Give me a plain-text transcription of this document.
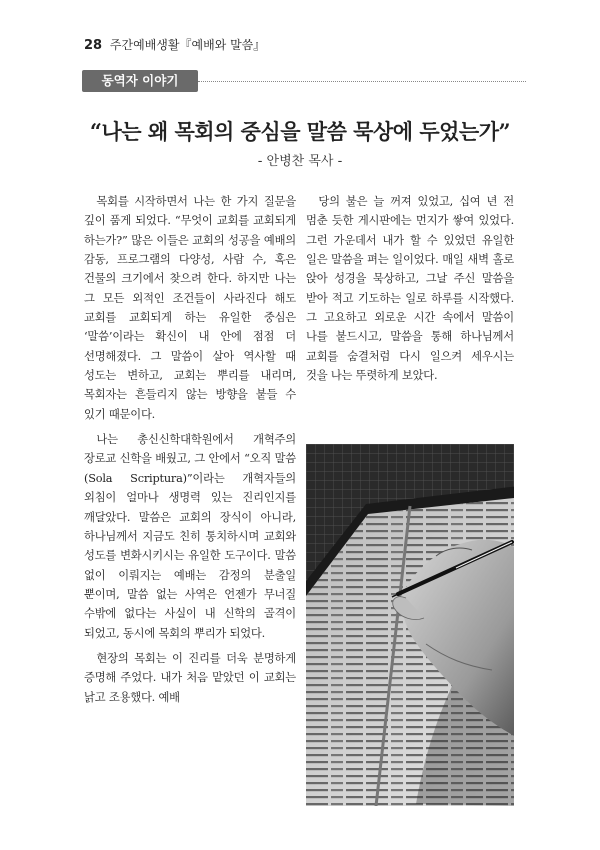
28 주간예배생활『예배와 말씀』
동역자 이야기
“나는 왜 목회의 중심을 말씀 묵상에 두었는가”
- 안병찬 목사 -

목회를 시작하면서 나는 한 가지 질문을 깊이 품게 되었다. “무엇이 교회를 교회되게 하는가?” 많은 이들은 교회의 성공을 예배의 감동, 프로그램의 다양성, 사람 수, 혹은 건물의 크기에서 찾으려 한다. 하지만 나는 그 모든 외적인 조건들이 사라진다 해도 교회를 교회되게 하는 유일한 중심은 ‘말씀’이라는 확신이 내 안에 점점 더 선명해졌다. 그 말씀이 살아 역사할 때 성도는 변하고, 교회는 뿌리를 내리며, 목회자는 흔들리지 않는 방향을 붙들 수 있기 때문이다.

나는 총신신학대학원에서 개혁주의 장로교 신학을 배웠고, 그 안에서 “오직 말씀(Sola Scriptura)”이라는 개혁자들의 외침이 얼마나 생명력 있는 진리인지를 깨달았다. 말씀은 교회의 장식이 아니라, 하나님께서 지금도 친히 통치하시며 교회와 성도를 변화시키시는 유일한 도구이다. 말씀 없이 이뤄지는 예배는 감정의 분출일 뿐이며, 말씀 없는 사역은 언젠가 무너질 수밖에 없다는 사실이 내 신학의 골격이 되었고, 동시에 목회의 뿌리가 되었다.

현장의 목회는 이 진리를 더욱 분명하게 증명해 주었다. 내가 처음 맡았던 이 교회는 낡고 조용했다. 예배

당의 불은 늘 꺼져 있었고, 십여 년 전 멈춘 듯한 게시판에는 먼지가 쌓여 있었다. 그런 가운데서 내가 할 수 있었던 유일한 일은 말씀을 펴는 일이었다. 매일 새벽 홀로 앉아 성경을 묵상하고, 그날 주신 말씀을 받아 적고 기도하는 일로 하루를 시작했다. 그 고요하고 외로운 시간 속에서 말씀이 나를 붙드시고, 말씀을 통해 하나님께서 교회를 숨결처럼 다시 일으켜 세우시는 것을 나는 뚜렷하게 보았다.
